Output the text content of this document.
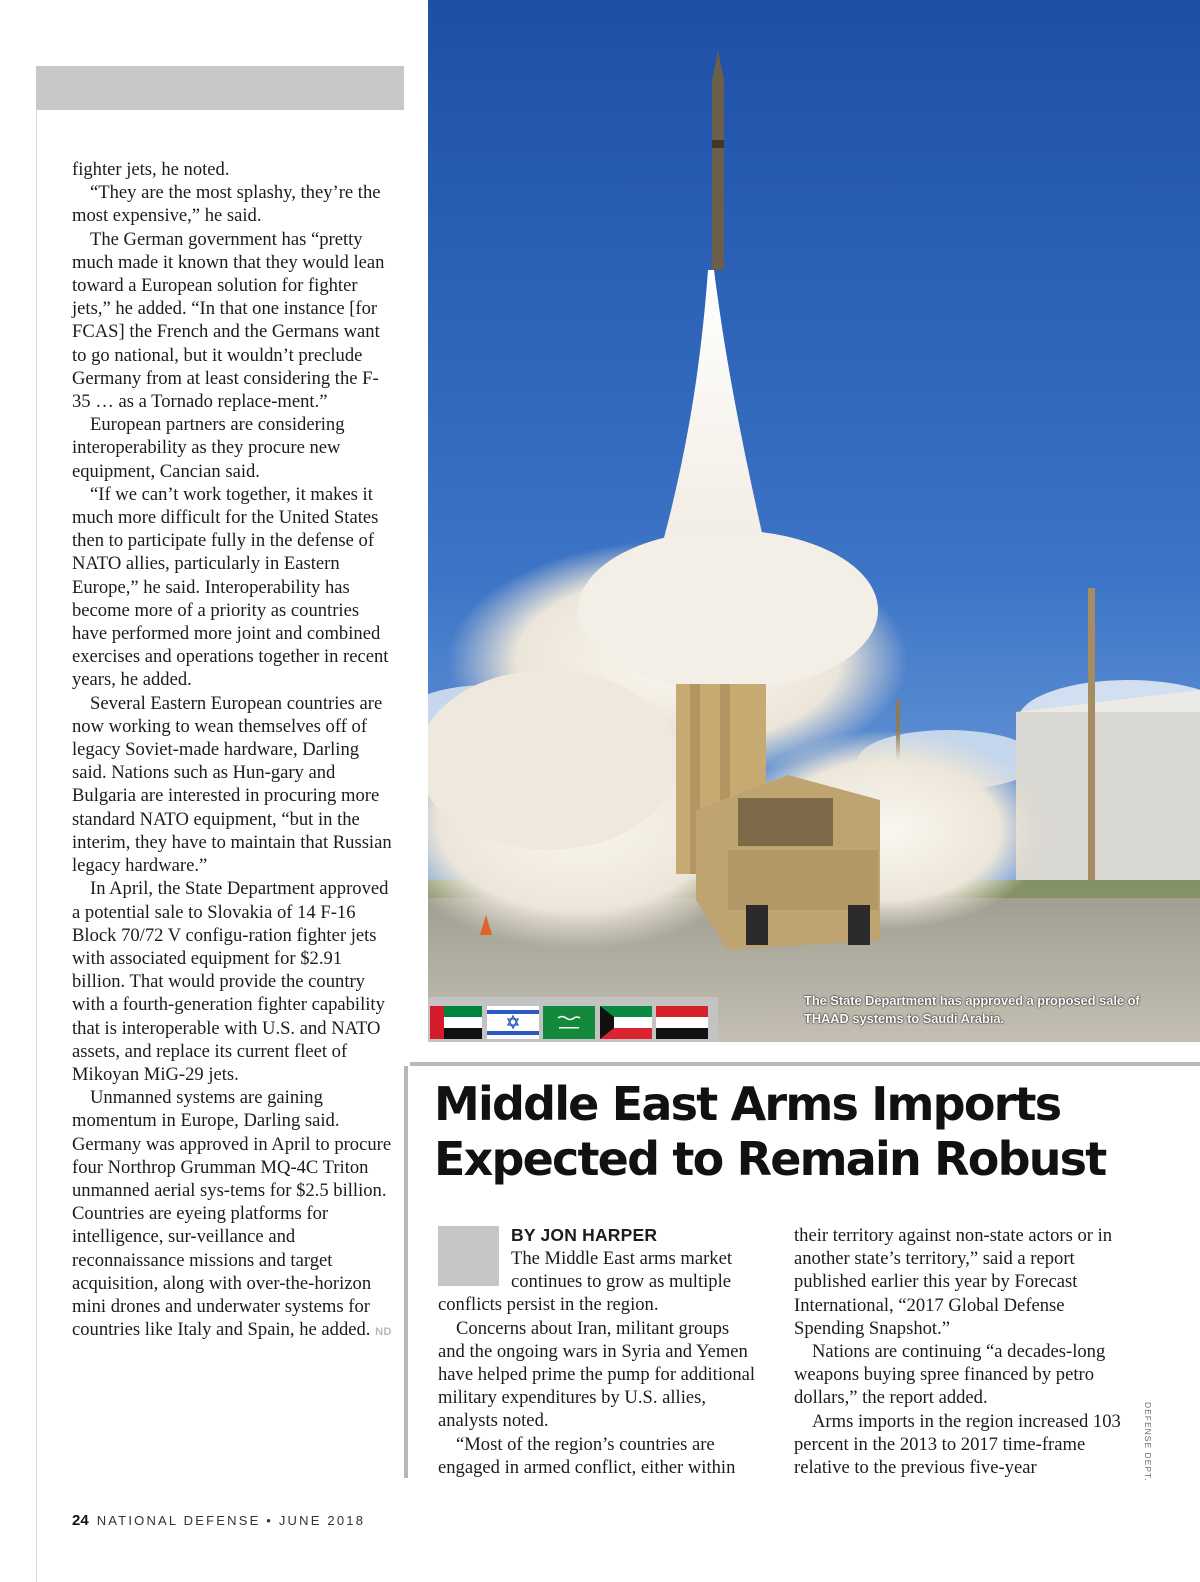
fighter jets, he noted.

“They are the most splashy, they’re the most expensive,” he said.

The German government has “pretty much made it known that they would lean toward a European solution for fighter jets,” he added. “In that one instance [for FCAS] the French and the Germans want to go national, but it wouldn’t preclude Germany from at least considering the F-35 … as a Tornado replace-ment.”

European partners are considering interoperability as they procure new equipment, Cancian said.

“If we can’t work together, it makes it much more difficult for the United States then to participate fully in the defense of NATO allies, particularly in Eastern Europe,” he said. Interoperability has become more of a priority as countries have performed more joint and combined exercises and operations together in recent years, he added.

Several Eastern European countries are now working to wean themselves off of legacy Soviet-made hardware, Darling said. Nations such as Hun-gary and Bulgaria are interested in procuring more standard NATO equipment, “but in the interim, they have to maintain that Russian legacy hardware.”

In April, the State Department approved a potential sale to Slovakia of 14 F-16 Block 70/72 V configu-ration fighter jets with associated equipment for $2.91 billion. That would provide the country with a fourth-generation fighter capability that is interoperable with U.S. and NATO assets, and replace its current fleet of Mikoyan MiG-29 jets.

Unmanned systems are gaining momentum in Europe, Darling said. Germany was approved in April to procure four Northrop Grumman MQ-4C Triton unmanned aerial sys-tems for $2.5 billion. Countries are eyeing platforms for intelligence, sur-veillance and reconnaissance missions and target acquisition, along with over-the-horizon mini drones and underwater systems for countries like Italy and Spain, he added. ND

The State Department has approved a proposed sale of THAAD systems to Saudi Arabia.
Middle East Arms Imports
Expected to Remain Robust
BY JON HARPER

The Middle East arms market continues to grow as multiple conflicts persist in the region.

Concerns about Iran, militant groups and the ongoing wars in Syria and Yemen have helped prime the pump for additional military expenditures by U.S. allies, analysts noted.

“Most of the region’s countries are engaged in armed conflict, either within

their territory against non-state actors or in another state’s territory,” said a report published earlier this year by Forecast International, “2017 Global Defense Spending Snapshot.”

Nations are continuing “a decades-long weapons buying spree financed by petro dollars,” the report added.

Arms imports in the region increased 103 percent in the 2013 to 2017 time-frame relative to the previous five-year	DEFENSE DEPT.
24 NATIONAL DEFENSE • JUNE 2018
